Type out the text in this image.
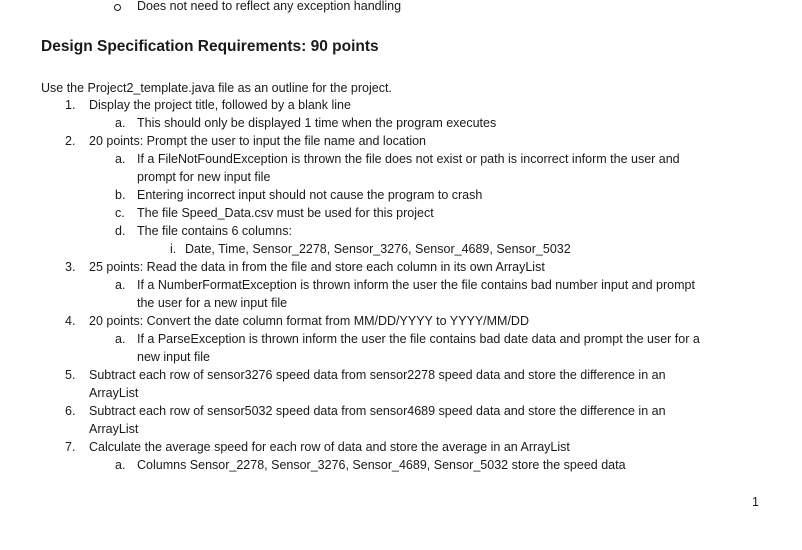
Does not need to reflect any exception handling
Design Specification Requirements: 90 points
Use the Project2_template.java file as an outline for the project.
1. Display the project title, followed by a blank line
a. This should only be displayed 1 time when the program executes
2. 20 points: Prompt the user to input the file name and location
a. If a FileNotFoundException is thrown the file does not exist or path is incorrect inform the user and
prompt for new input file
b. Entering incorrect input should not cause the program to crash
c. The file Speed_Data.csv must be used for this project
d. The file contains 6 columns:
i. Date, Time, Sensor_2278, Sensor_3276, Sensor_4689, Sensor_5032
3. 25 points: Read the data in from the file and store each column in its own ArrayList
a. If a NumberFormatException is thrown inform the user the file contains bad number input and prompt
the user for a new input file
4. 20 points: Convert the date column format from MM/DD/YYYY to YYYY/MM/DD
a. If a ParseException is thrown inform the user the file contains bad date data and prompt the user for a
new input file
5. Subtract each row of sensor3276 speed data from sensor2278 speed data and store the difference in an
ArrayList
6. Subtract each row of sensor5032 speed data from sensor4689 speed data and store the difference in an
ArrayList
7. Calculate the average speed for each row of data and store the average in an ArrayList
a. Columns Sensor_2278, Sensor_3276, Sensor_4689, Sensor_5032 store the speed data
1
